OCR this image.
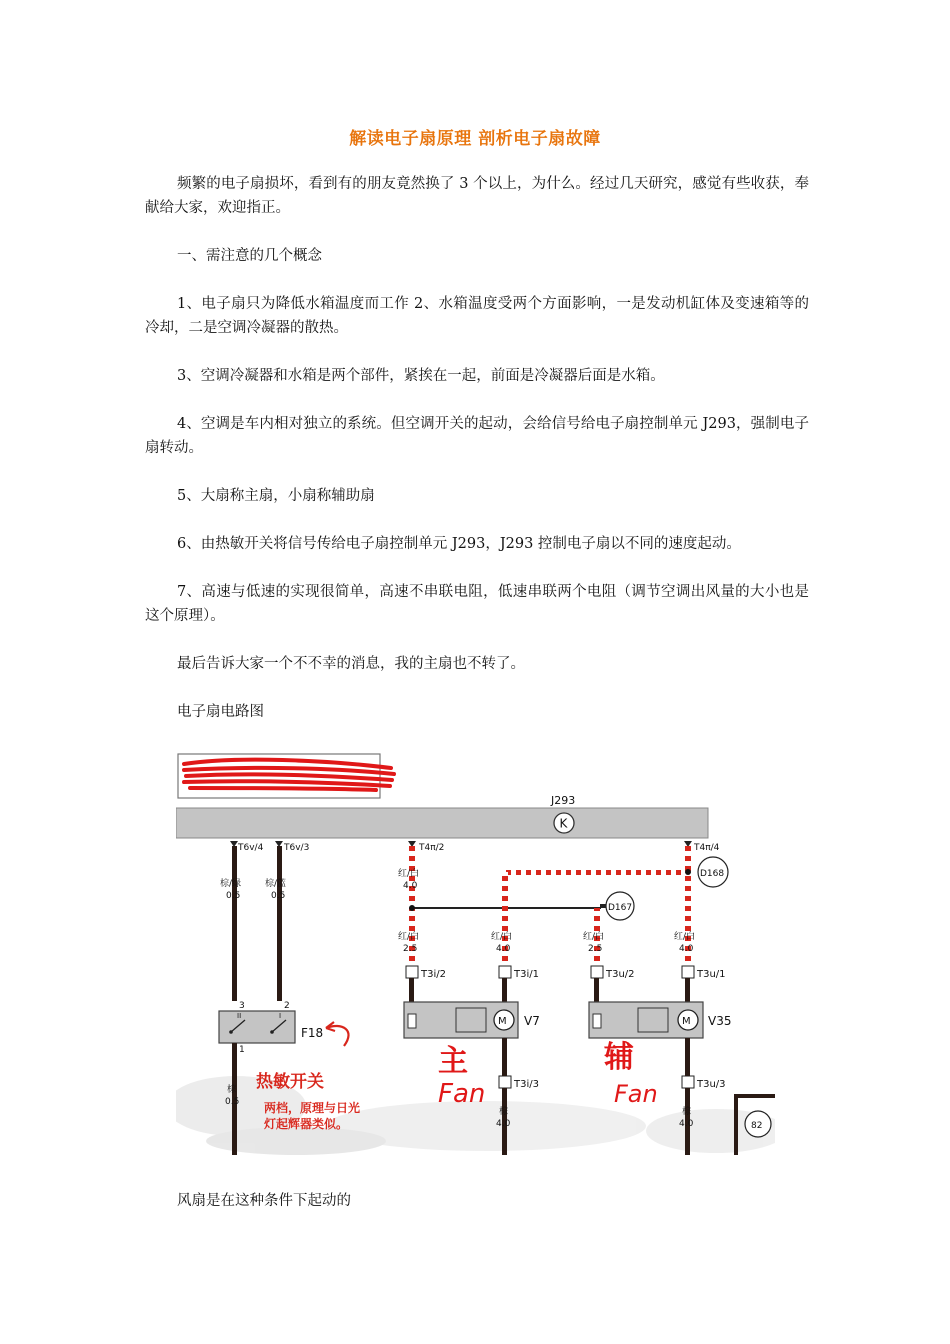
解读电子扇原理 剖析电子扇故障
频繁的电子扇损坏，看到有的朋友竟然换了 3 个以上，为什么。经过几天研究，感觉有些收获，奉献给大家，欢迎指正。
一、需注意的几个概念
1、电子扇只为降低水箱温度而工作 2、水箱温度受两个方面影响，一是发动机缸体及变速箱等的冷却，二是空调冷凝器的散热。
3、空调冷凝器和水箱是两个部件，紧挨在一起，前面是冷凝器后面是水箱。
4、空调是车内相对独立的系统。但空调开关的起动，会给信号给电子扇控制单元 J293，强制电子扇转动。
5、大扇称主扇，小扇称辅助扇
6、由热敏开关将信号传给电子扇控制单元 J293，J293 控制电子扇以不同的速度起动。
7、高速与低速的实现很简单，高速不串联电阻，低速串联两个电阻（调节空调出风量的大小也是这个原理）。
最后告诉大家一个不不幸的消息，我的主扇也不转了。
电子扇电路图
J293
K
T6v/4 T6v/3	T4π/2	T4π/4
棕/绿
0.5
棕/蓝
0.5
红/白
4.0
D167
D168
红/白
2.5
红/白
4.0
红/白
2.5
红/白
4.0
T3i/2	T3i/1	T3u/2	T3u/1
T3i/3	T3u/3
M V7	M V35
棕
4.0
棕
4.0
II	I
F18
3	2
1
棕
0.5
热敏开关
主
Fan
辅
Fan
两档，原理与日光
灯起辉器类似。	82
风扇是在这种条件下起动的
